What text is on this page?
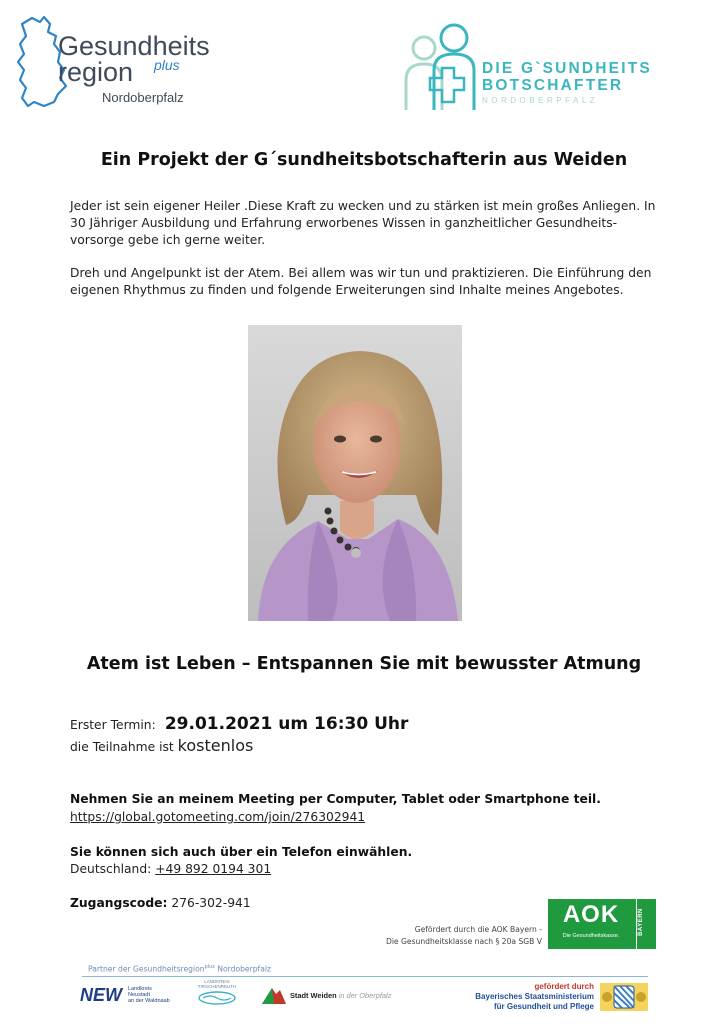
Gesundheits
region plus
Nordoberpfalz
DIE G`SUNDHEITS
BOTSCHAFTER
NORDOBERPFALZ
Ein Projekt der G´sundheitsbotschafterin aus Weiden
Jeder ist sein eigener Heiler .Diese Kraft zu wecken und zu stärken ist mein großes Anliegen. In 30 Jähriger Ausbildung und Erfahrung erworbenes Wissen in ganzheitlicher Gesundheits-vorsorge gebe ich gerne weiter.
Dreh und Angelpunkt ist der Atem. Bei allem was wir tun und praktizieren. Die Einführung den eigenen Rhythmus zu finden und folgende Erweiterungen sind Inhalte meines Angebotes.
Atem ist Leben – Entspannen Sie mit bewusster Atmung
Erster Termin: 29.01.2021 um 16:30 Uhr
die Teilnahme ist kostenlos
Nehmen Sie an meinem Meeting per Computer, Tablet oder Smartphone teil.
https://global.gotomeeting.com/join/276302941
Sie können sich auch über ein Telefon einwählen.
Deutschland: +49 892 0194 301
Zugangscode: 276-302-941
Gefördert durch die AOK Bayern -
Die Gesundheitsklasse nach § 20a SGB V
AOK
Die Gesundheitskasse.
BAYERN
Partner der Gesundheitsregion$^{plus}$ Nordoberpfalz
NEW Landkreis
Neustadt
an der Waldnaab
LANDKREIS
TIRSCHENREUTH
Stadt Weiden in der Oberpfalz
gefördert durch
Bayerisches Staatsministerium
für Gesundheit und Pflege
